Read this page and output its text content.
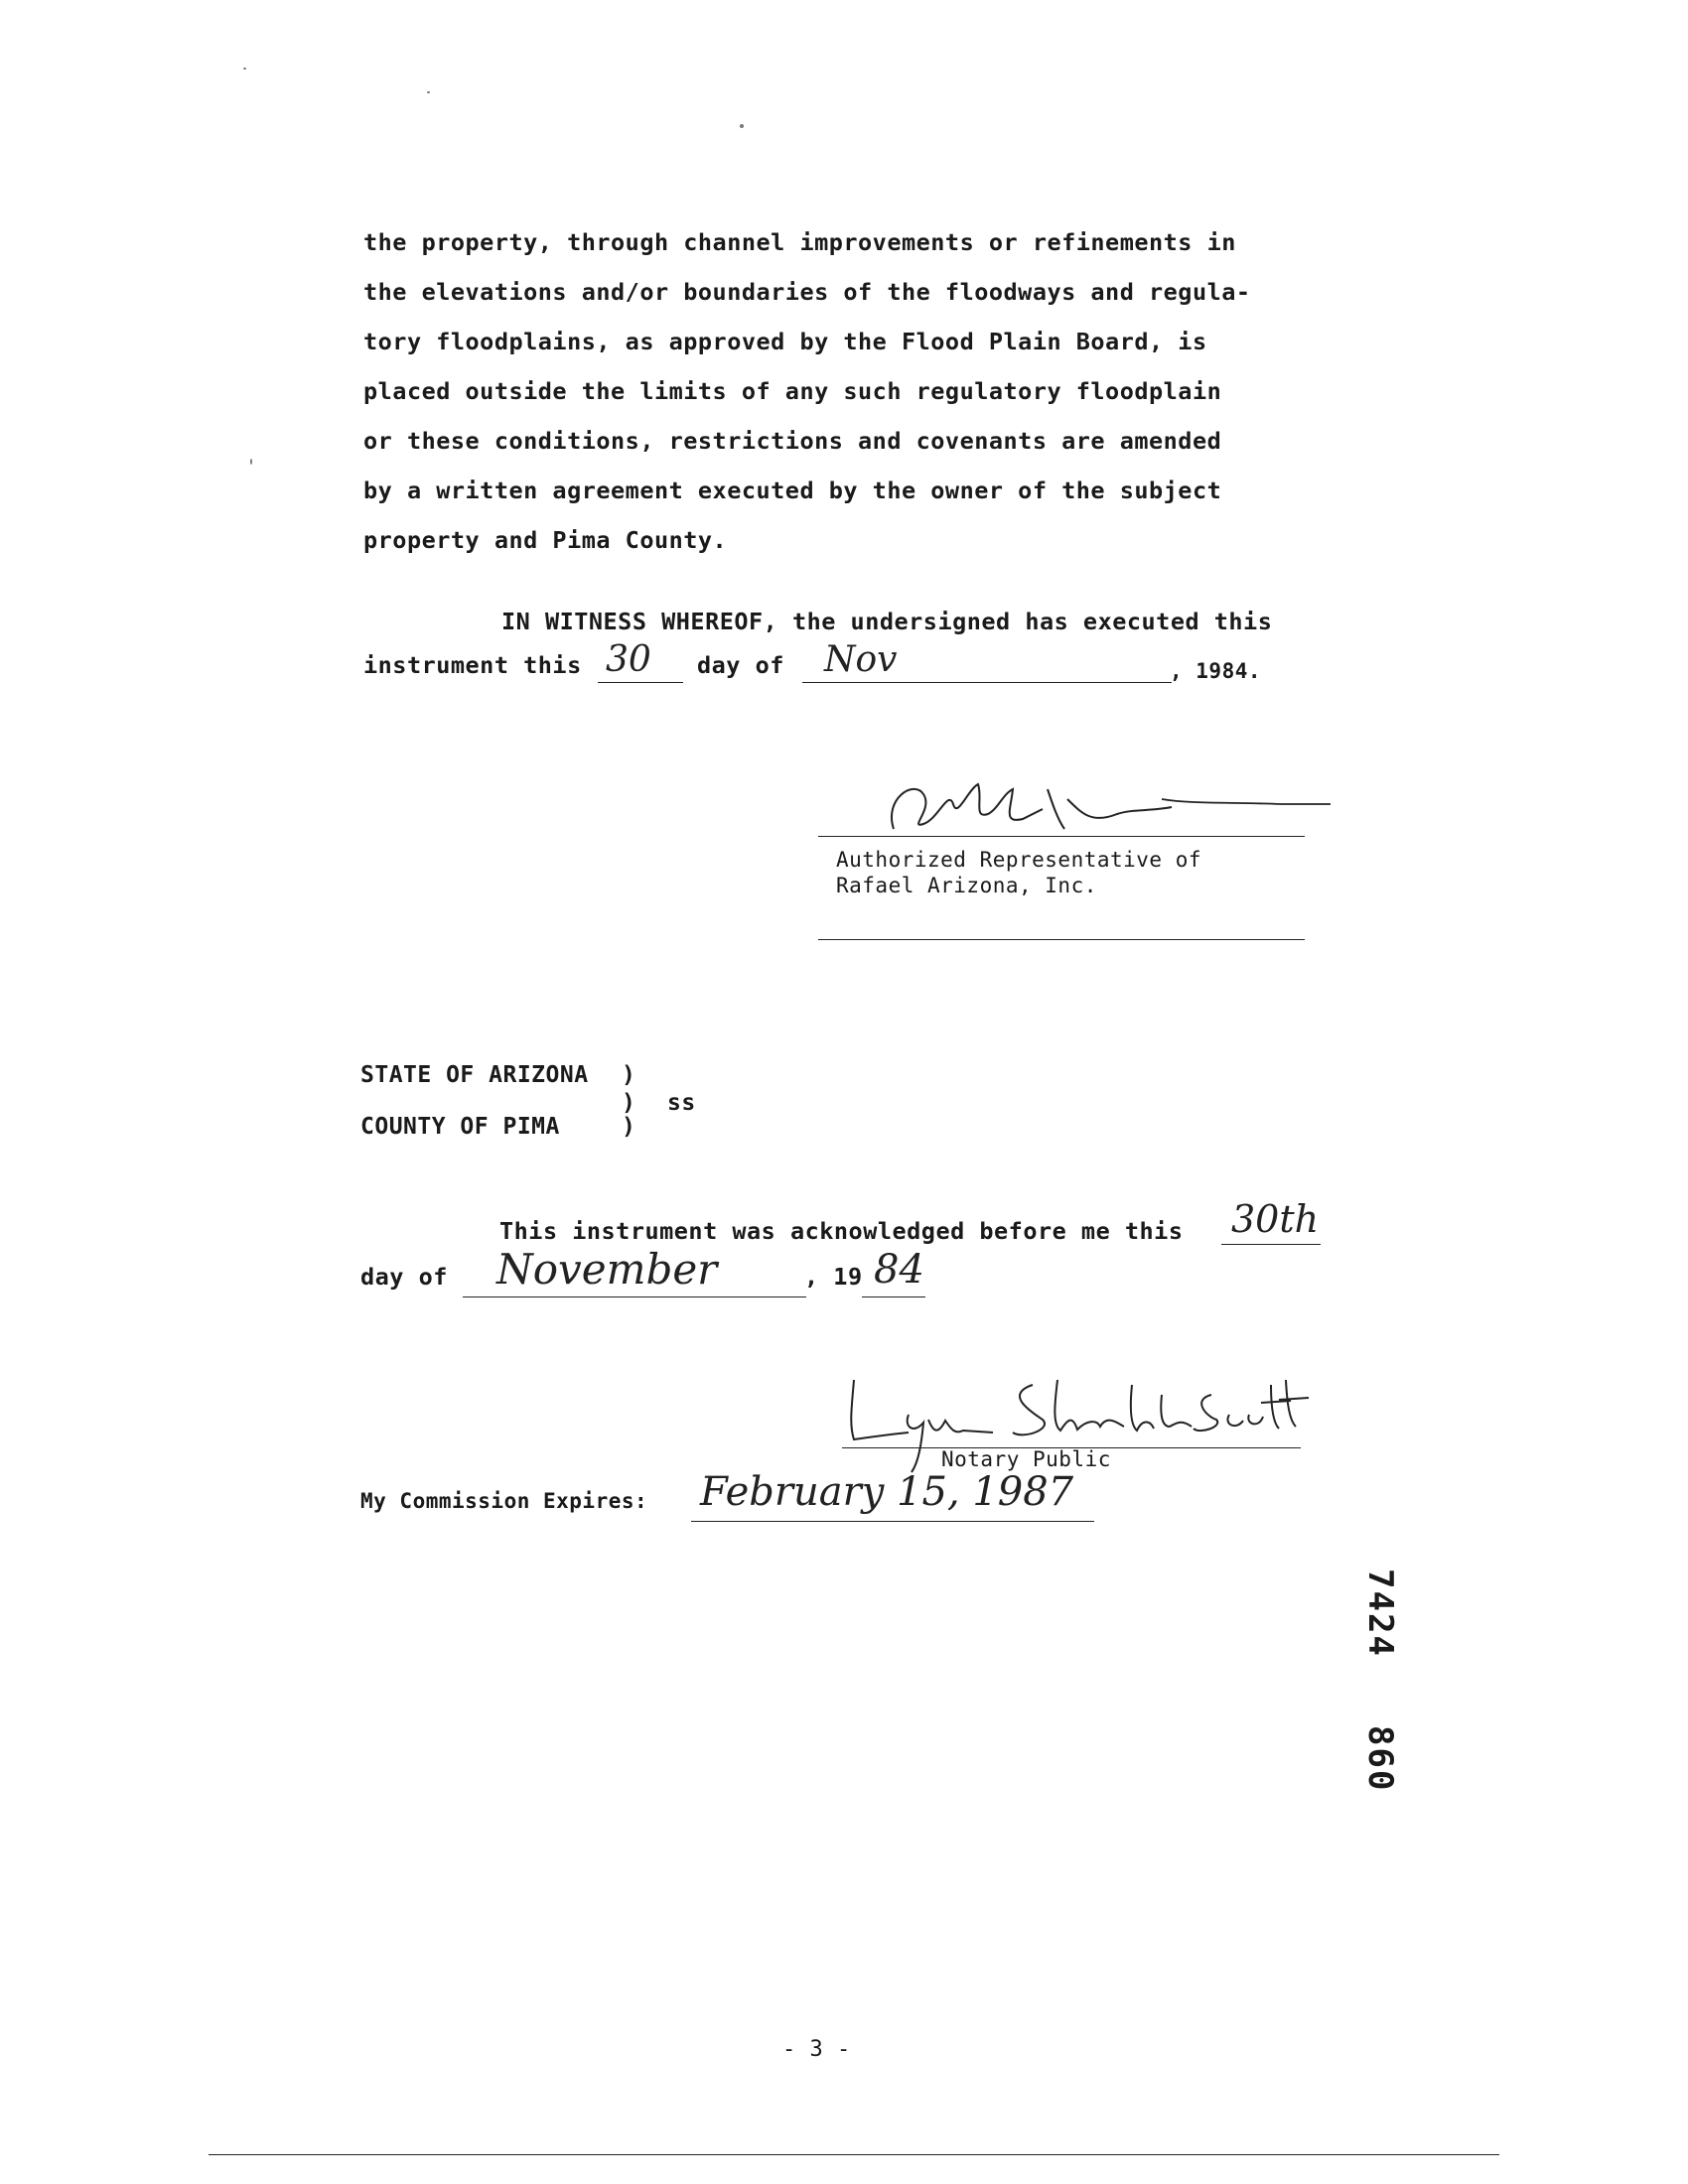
the property, through channel improvements or refinements in
the elevations and/or boundaries of the floodways and regula-
tory floodplains, as approved by the Flood Plain Board, is
placed outside the limits of any such regulatory floodplain
or these conditions, restrictions and covenants are amended
by a written agreement executed by the owner of the subject
property and Pima County.
IN WITNESS WHEREOF, the undersigned has executed this
instrument this 30 day of Nov	, 1984.
Authorized Representative of
Rafael Arizona, Inc.
STATE OF ARIZONA )
) ss
COUNTY OF PIMA	)
This instrument was acknowledged before me this 30th
day of November	, 19 84
Notary Public
My Commission Expires: February 15, 1987
7424
860
- 3 -
